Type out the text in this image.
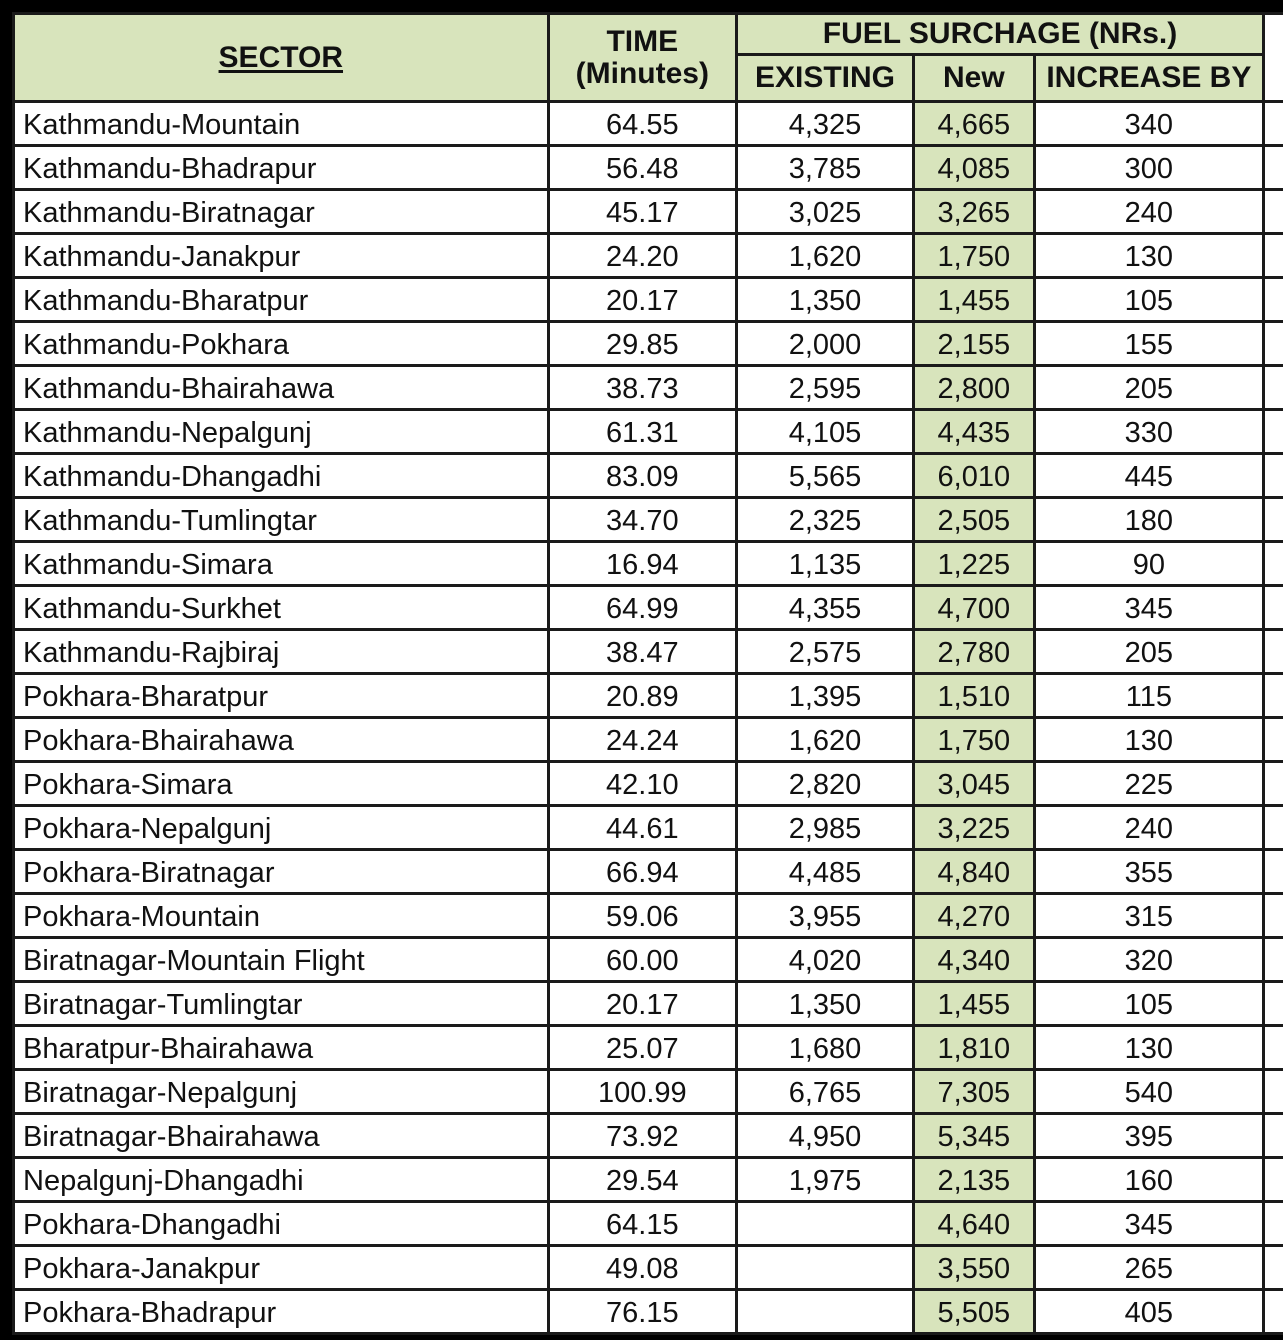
SECTOR	TIME (Minutes)	FUEL SURCHAGE (NRs.)			
		EXISTING	New	INCREASE BY	
Kathmandu-Mountain	64.55	4,325	4,665	340	
Kathmandu-Bhadrapur	56.48	3,785	4,085	300	
Kathmandu-Biratnagar	45.17	3,025	3,265	240	
Kathmandu-Janakpur	24.20	1,620	1,750	130	
Kathmandu-Bharatpur	20.17	1,350	1,455	105	
Kathmandu-Pokhara	29.85	2,000	2,155	155	
Kathmandu-Bhairahawa	38.73	2,595	2,800	205	
Kathmandu-Nepalgunj	61.31	4,105	4,435	330	
Kathmandu-Dhangadhi	83.09	5,565	6,010	445	
Kathmandu-Tumlingtar	34.70	2,325	2,505	180	
Kathmandu-Simara	16.94	1,135	1,225	90	
Kathmandu-Surkhet	64.99	4,355	4,700	345	
Kathmandu-Rajbiraj	38.47	2,575	2,780	205	
Pokhara-Bharatpur	20.89	1,395	1,510	115	
Pokhara-Bhairahawa	24.24	1,620	1,750	130	
Pokhara-Simara	42.10	2,820	3,045	225	
Pokhara-Nepalgunj	44.61	2,985	3,225	240	
Pokhara-Biratnagar	66.94	4,485	4,840	355	
Pokhara-Mountain	59.06	3,955	4,270	315	
Biratnagar-Mountain Flight	60.00	4,020	4,340	320	
Biratnagar-Tumlingtar	20.17	1,350	1,455	105	
Bharatpur-Bhairahawa	25.07	1,680	1,810	130	
Biratnagar-Nepalgunj	100.99	6,765	7,305	540	
Biratnagar-Bhairahawa	73.92	4,950	5,345	395	
Nepalgunj-Dhangadhi	29.54	1,975	2,135	160	
Pokhara-Dhangadhi	64.15		4,640	345	
Pokhara-Janakpur	49.08		3,550	265	
Pokhara-Bhadrapur	76.15		5,505	405	
